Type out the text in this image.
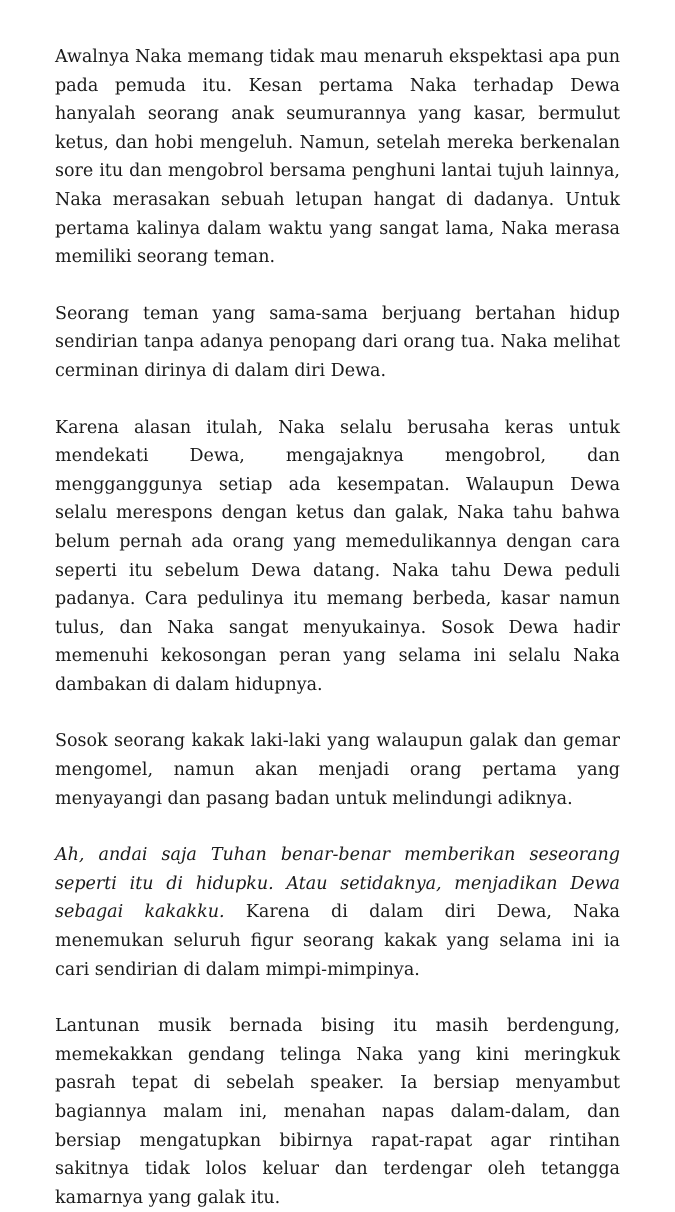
Awalnya Naka memang tidak mau menaruh ekspektasi apa pun pada pemuda itu. Kesan pertama Naka terhadap Dewa hanyalah seorang anak seumurannya yang kasar, bermulut ketus, dan hobi mengeluh. Namun, setelah mereka berkenalan sore itu dan mengobrol bersama penghuni lantai tujuh lainnya, Naka merasakan sebuah letupan hangat di dadanya. Untuk pertama kalinya dalam waktu yang sangat lama, Naka merasa memiliki seorang teman.

Seorang teman yang sama-sama berjuang bertahan hidup sendirian tanpa adanya penopang dari orang tua. Naka melihat cerminan dirinya di dalam diri Dewa.

Karena alasan itulah, Naka selalu berusaha keras untuk mendekati Dewa, mengajaknya mengobrol, dan mengganggunya setiap ada kesempatan. Walaupun Dewa selalu merespons dengan ketus dan galak, Naka tahu bahwa belum pernah ada orang yang memedulikannya dengan cara seperti itu sebelum Dewa datang. Naka tahu Dewa peduli padanya. Cara pedulinya itu memang berbeda, kasar namun tulus, dan Naka sangat menyukainya. Sosok Dewa hadir memenuhi kekosongan peran yang selama ini selalu Naka dambakan di dalam hidupnya.

Sosok seorang kakak laki-laki yang walaupun galak dan gemar mengomel, namun akan menjadi orang pertama yang menyayangi dan pasang badan untuk melindungi adiknya.

Ah, andai saja Tuhan benar-benar memberikan seseorang seperti itu di hidupku. Atau setidaknya, menjadikan Dewa sebagai kakakku. Karena di dalam diri Dewa, Naka menemukan seluruh figur seorang kakak yang selama ini ia cari sendirian di dalam mimpi-mimpinya.

Lantunan musik bernada bising itu masih berdengung, memekakkan gendang telinga Naka yang kini meringkuk pasrah tepat di sebelah speaker. Ia bersiap menyambut bagiannya malam ini, menahan napas dalam-dalam, dan bersiap mengatupkan bibirnya rapat-rapat agar rintihan sakitnya tidak lolos keluar dan terdengar oleh tetangga kamarnya yang galak itu.
